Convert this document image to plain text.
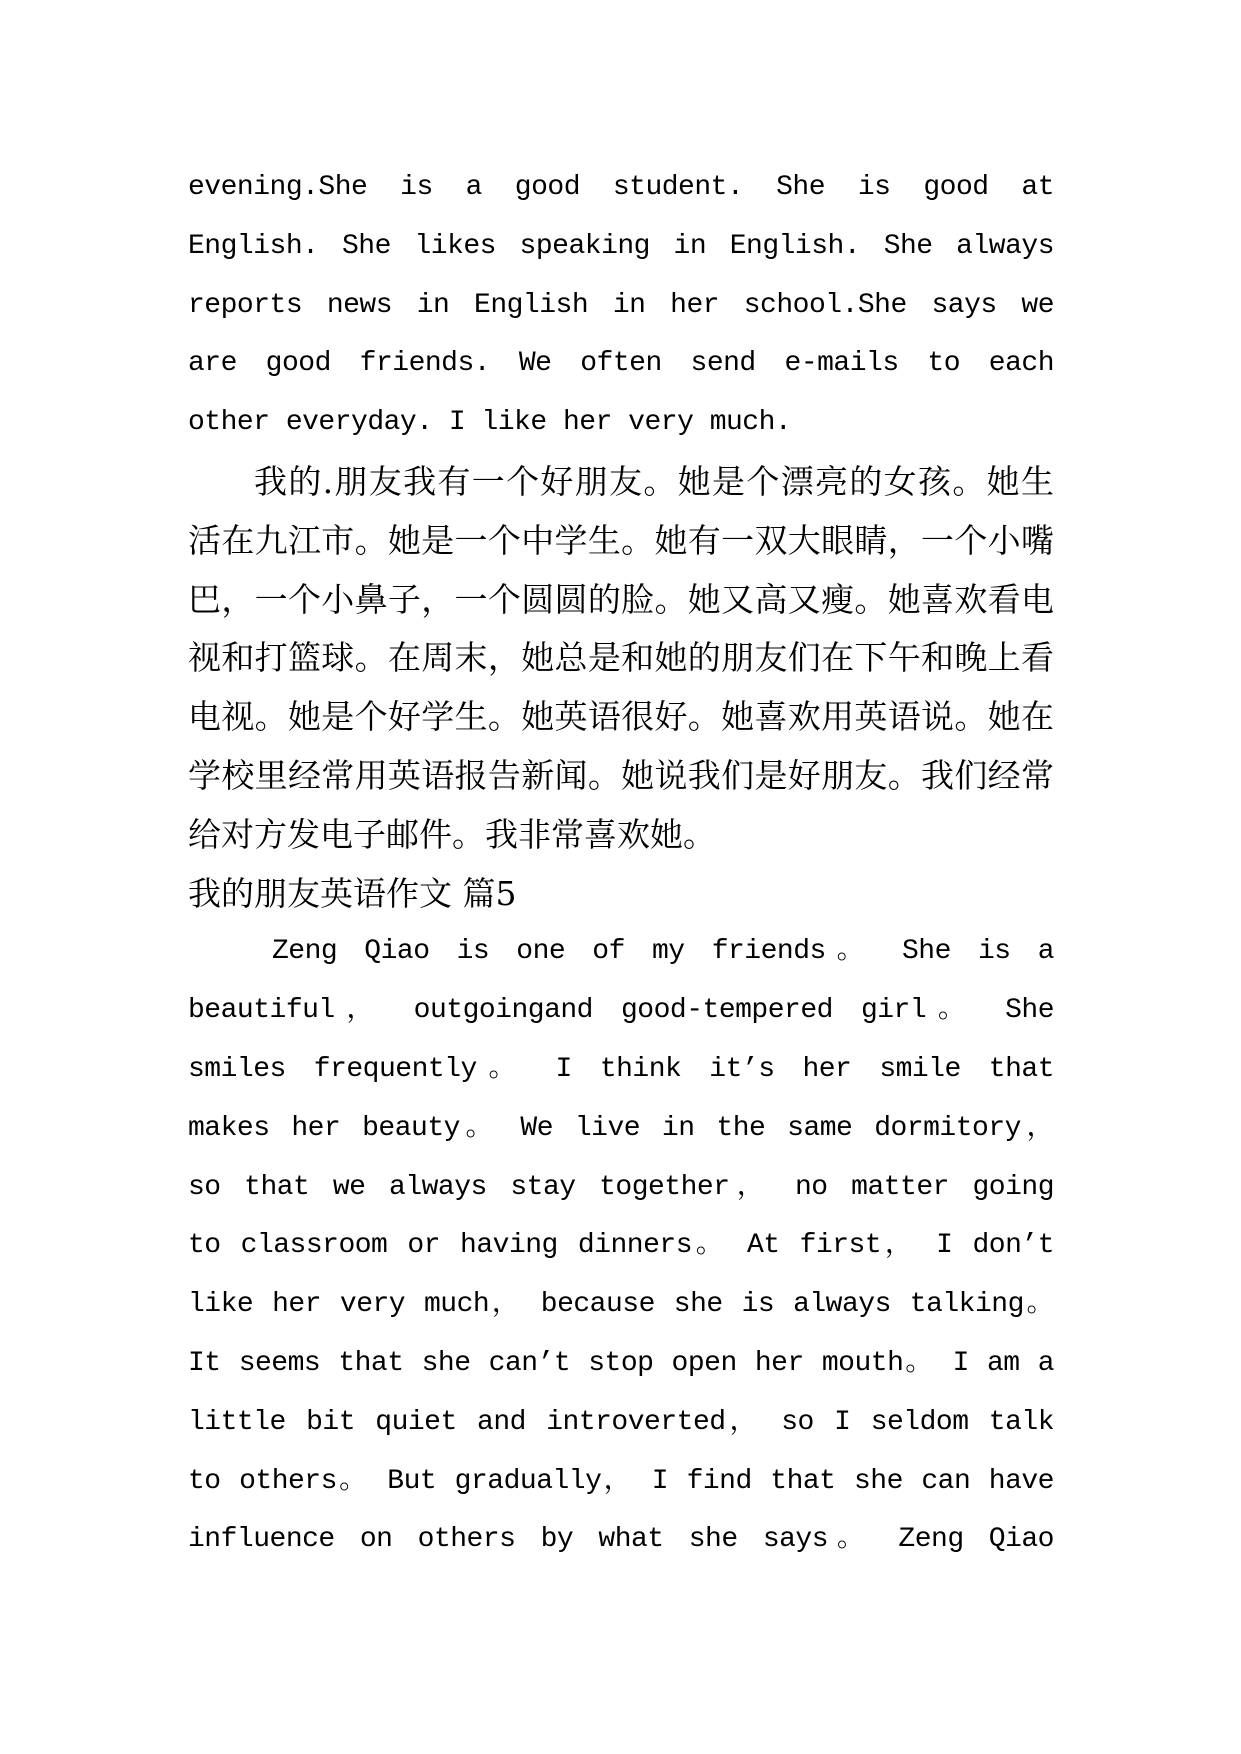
evening.She is a good student. She is good at
English. She likes speaking in English. She always
reports news in English in her school.She says we
are good friends. We often send e-mails to each
other everyday. I like her very much.
我的.朋友我有一个好朋友。她是个漂亮的女孩。她生
活在九江市。她是一个中学生。她有一双大眼睛，一个小嘴
巴，一个小鼻子，一个圆圆的脸。她又高又瘦。她喜欢看电
视和打篮球。在周末，她总是和她的朋友们在下午和晚上看
电视。她是个好学生。她英语很好。她喜欢用英语说。她在
学校里经常用英语报告新闻。她说我们是好朋友。我们经常
给对方发电子邮件。我非常喜欢她。
我的朋友英语作文 篇5
Zeng Qiao is one of my friends。 She is a
beautiful， outgoingand good-tempered girl。 She
smiles frequently。 I think it’s her smile that
makes her beauty。 We live in the same dormitory，
so that we always stay together， no matter going
to classroom or having dinners。 At first， I don’t
like her very much， because she is always talking。
It seems that she can’t stop open her mouth。 I am a
little bit quiet and introverted， so I seldom talk
to others。 But gradually， I find that she can have
influence on others by what she says。 Zeng Qiao
